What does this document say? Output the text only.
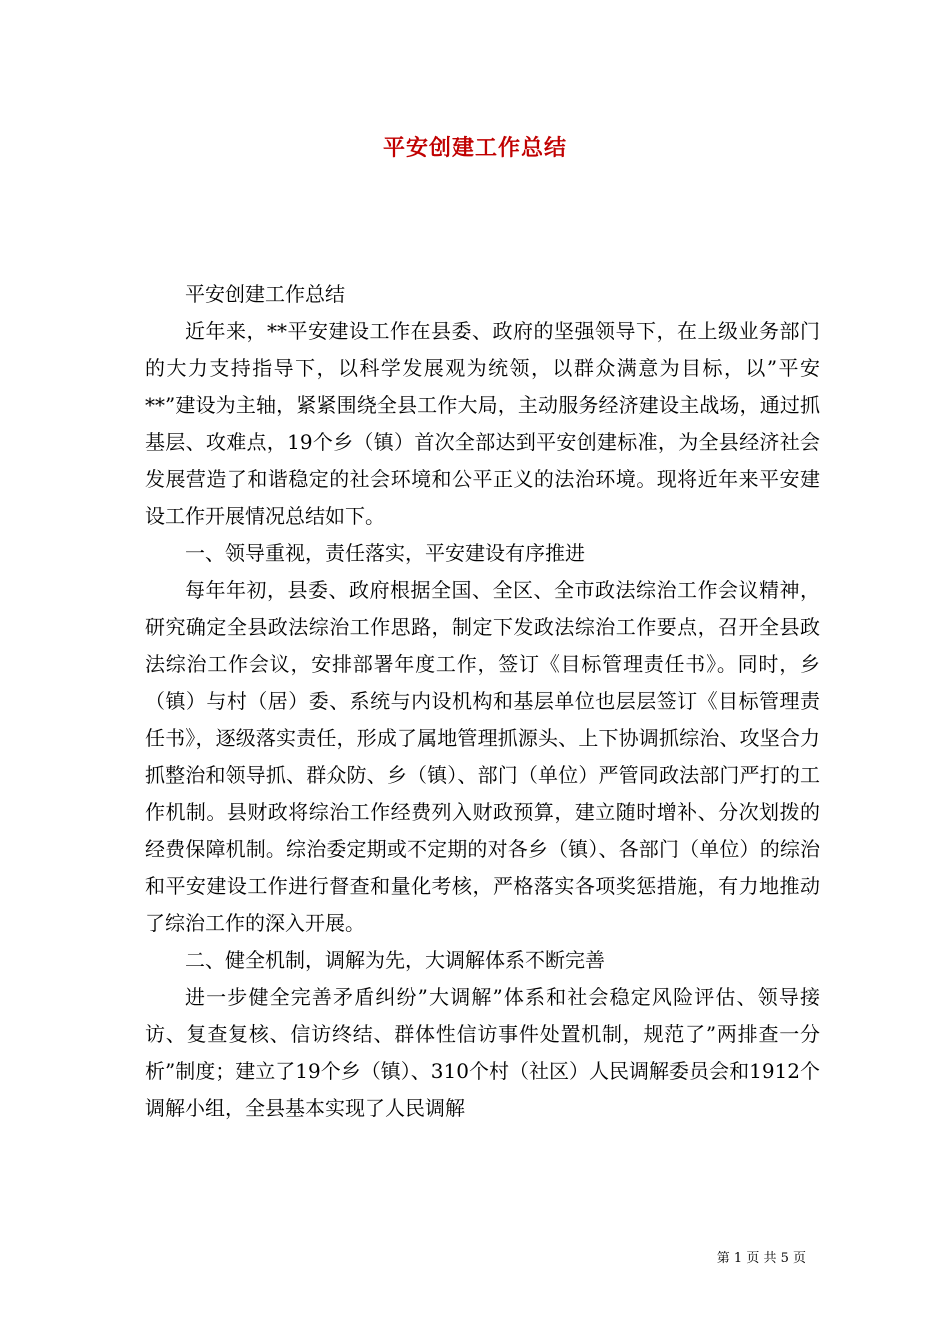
平安创建工作总结

平安创建工作总结

近年来，**平安建设工作在县委、政府的坚强领导下，在上级业务部门的大力支持指导下，以科学发展观为统领，以群众满意为目标，以”平安**”建设为主轴，紧紧围绕全县工作大局，主动服务经济建设主战场，通过抓基层、攻难点，19个乡（镇）首次全部达到平安创建标准，为全县经济社会发展营造了和谐稳定的社会环境和公平正义的法治环境。现将近年来平安建设工作开展情况总结如下。

一、领导重视，责任落实，平安建设有序推进

每年年初，县委、政府根据全国、全区、全市政法综治工作会议精神，研究确定全县政法综治工作思路，制定下发政法综治工作要点，召开全县政法综治工作会议，安排部署年度工作，签订《目标管理责任书》。同时，乡（镇）与村（居）委、系统与内设机构和基层单位也层层签订《目标管理责任书》，逐级落实责任，形成了属地管理抓源头、上下协调抓综治、攻坚合力抓整治和领导抓、群众防、乡（镇）、部门（单位）严管同政法部门严打的工作机制。县财政将综治工作经费列入财政预算，建立随时增补、分次划拨的经费保障机制。综治委定期或不定期的对各乡（镇）、各部门（单位）的综治和平安建设工作进行督查和量化考核，严格落实各项奖惩措施，有力地推动了综治工作的深入开展。

二、健全机制，调解为先，大调解体系不断完善

进一步健全完善矛盾纠纷”大调解”体系和社会稳定风险评估、领导接访、复查复核、信访终结、群体性信访事件处置机制，规范了”两排查一分析”制度；建立了19个乡（镇）、310个村（社区）人民调解委员会和1912个调解小组，全县基本实现了人民调解

第 1 页 共 5 页
